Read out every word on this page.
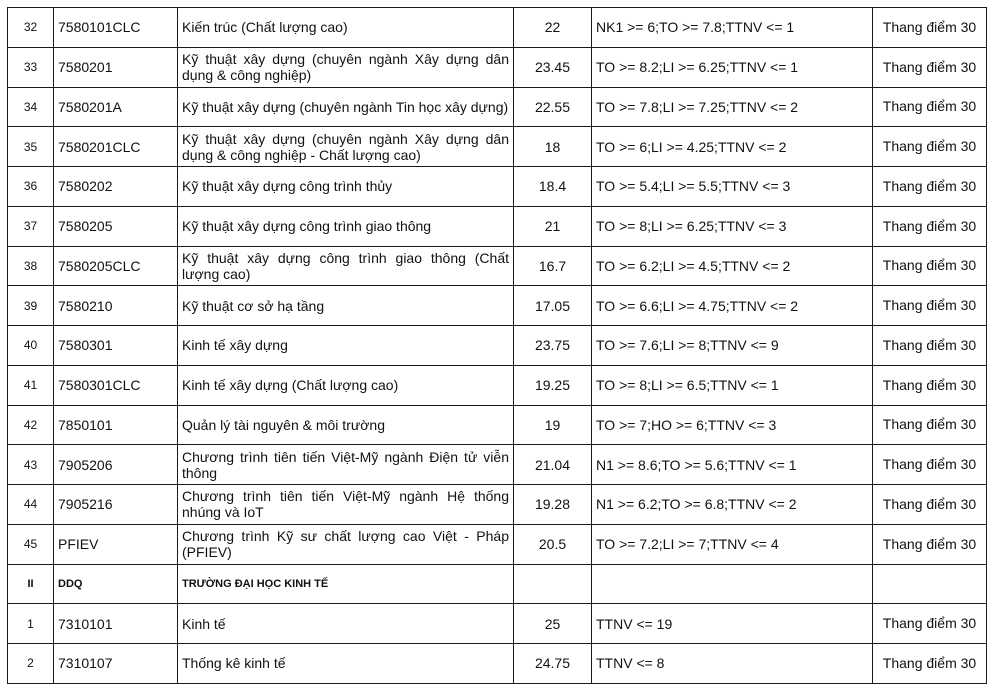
32	7580101CLC	Kiến trúc (Chất lượng cao)	22	NK1 >= 6;TO >= 7.8;TTNV <= 1	Thang điểm 30
33	7580201	Kỹ thuật xây dựng (chuyên ngành Xây dựng dân dụng & công nghiệp)	23.45	TO >= 8.2;LI >= 6.25;TTNV <= 1	Thang điểm 30
34	7580201A	Kỹ thuật xây dựng (chuyên ngành Tin học xây dựng)	22.55	TO >= 7.8;LI >= 7.25;TTNV <= 2	Thang điểm 30
35	7580201CLC	Kỹ thuật xây dựng (chuyên ngành Xây dựng dân dụng & công nghiệp - Chất lượng cao)	18	TO >= 6;LI >= 4.25;TTNV <= 2	Thang điểm 30
36	7580202	Kỹ thuật xây dựng công trình thủy	18.4	TO >= 5.4;LI >= 5.5;TTNV <= 3	Thang điểm 30
37	7580205	Kỹ thuật xây dựng công trình giao thông	21	TO >= 8;LI >= 6.25;TTNV <= 3	Thang điểm 30
38	7580205CLC	Kỹ thuật xây dựng công trình giao thông (Chất lượng cao)	16.7	TO >= 6.2;LI >= 4.5;TTNV <= 2	Thang điểm 30
39	7580210	Kỹ thuật cơ sở hạ tầng	17.05	TO >= 6.6;LI >= 4.75;TTNV <= 2	Thang điểm 30
40	7580301	Kinh tế xây dựng	23.75	TO >= 7.6;LI >= 8;TTNV <= 9	Thang điểm 30
41	7580301CLC	Kinh tế xây dựng (Chất lượng cao)	19.25	TO >= 8;LI >= 6.5;TTNV <= 1	Thang điểm 30
42	7850101	Quản lý tài nguyên & môi trường	19	TO >= 7;HO >= 6;TTNV <= 3	Thang điểm 30
43	7905206	Chương trình tiên tiến Việt-Mỹ ngành Điện tử viễn thông	21.04	N1 >= 8.6;TO >= 5.6;TTNV <= 1	Thang điểm 30
44	7905216	Chương trình tiên tiến Việt-Mỹ ngành Hệ thống nhúng và IoT	19.28	N1 >= 6.2;TO >= 6.8;TTNV <= 2	Thang điểm 30
45	PFIEV	Chương trình Kỹ sư chất lượng cao Việt - Pháp (PFIEV)	20.5	TO >= 7.2;LI >= 7;TTNV <= 4	Thang điểm 30
II	DDQ	TRƯỜNG ĐẠI HỌC KINH TẾ			
1	7310101	Kinh tế	25	TTNV <= 19	Thang điểm 30
2	7310107	Thống kê kinh tế	24.75	TTNV <= 8	Thang điểm 30
